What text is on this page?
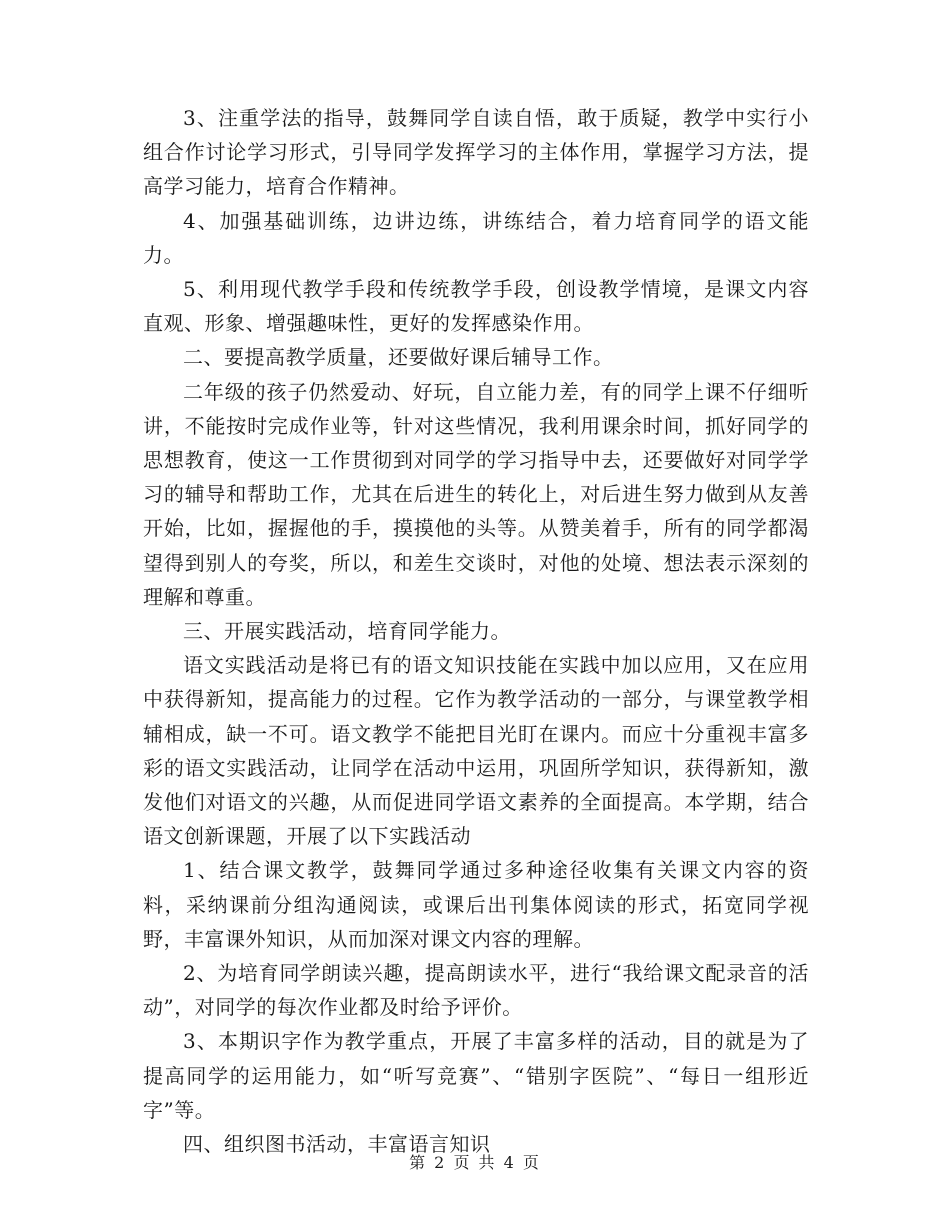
3、注重学法的指导，鼓舞同学自读自悟，敢于质疑，教学中实行小组合作讨论学习形式，引导同学发挥学习的主体作用，掌握学习方法，提高学习能力，培育合作精神。

4、加强基础训练，边讲边练，讲练结合，着力培育同学的语文能力。

5、利用现代教学手段和传统教学手段，创设教学情境，是课文内容直观、形象、增强趣味性，更好的发挥感染作用。

二、要提高教学质量，还要做好课后辅导工作。

二年级的孩子仍然爱动、好玩，自立能力差，有的同学上课不仔细听讲，不能按时完成作业等，针对这些情况，我利用课余时间，抓好同学的思想教育，使这一工作贯彻到对同学的学习指导中去，还要做好对同学学习的辅导和帮助工作，尤其在后进生的转化上，对后进生努力做到从友善开始，比如，握握他的手，摸摸他的头等。从赞美着手，所有的同学都渴望得到别人的夸奖，所以，和差生交谈时，对他的处境、想法表示深刻的理解和尊重。

三、开展实践活动，培育同学能力。

语文实践活动是将已有的语文知识技能在实践中加以应用，又在应用中获得新知，提高能力的过程。它作为教学活动的一部分，与课堂教学相辅相成，缺一不可。语文教学不能把目光盯在课内。而应十分重视丰富多彩的语文实践活动，让同学在活动中运用，巩固所学知识，获得新知，激发他们对语文的兴趣，从而促进同学语文素养的全面提高。本学期，结合语文创新课题，开展了以下实践活动

1、结合课文教学，鼓舞同学通过多种途径收集有关课文内容的资料，采纳课前分组沟通阅读，或课后出刊集体阅读的形式，拓宽同学视野，丰富课外知识，从而加深对课文内容的理解。

2、为培育同学朗读兴趣，提高朗读水平，进行“我给课文配录音的活动”，对同学的每次作业都及时给予评价。

3、本期识字作为教学重点，开展了丰富多样的活动，目的就是为了提高同学的运用能力，如“听写竞赛”、“错别字医院”、“每日一组形近字”等。

四、组织图书活动，丰富语言知识

第 2 页 共 4 页
